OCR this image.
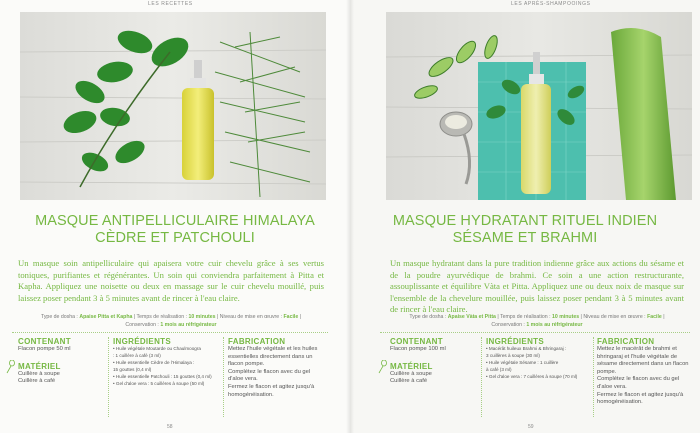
LES RECETTES
MASQUE ANTIPELLICULAIRE HIMALAYA
CÈDRE ET PATCHOULI
Un masque soin antipelliculaire qui apaisera votre cuir chevelu grâce à ses vertus toniques, purifiantes et régénérantes. Un soin qui conviendra parfaitement à Pitta et Kapha. Appliquez une noisette ou deux en massage sur le cuir chevelu mouillé, puis laissez poser pendant 3 à 5 minutes avant de rincer à l'eau claire.
Type de dosha : Apaise Pitta et Kapha | Temps de réalisation : 10 minutes | Niveau de mise en œuvre : Facile |
Conservation : 1 mois au réfrigérateur
CONTENANT

Flacon pompe 50 ml

MATÉRIEL

Cuillère à soupe

Cuillère à café

INGRÉDIENTS
• Huile végétale Moutarde ou Chaulmoogra
: 1 cuillère à café (3 ml)
• Huile essentielle Cèdre de l'Himalaya :
15 gouttes (0,4 ml)
• Huile essentielle Patchouli : 15 gouttes (0,4 ml)
• Gel d'aloe vera : 5 cuillères à soupe (50 ml)
FABRICATION

Mettez l'huile végétale et les huiles essentielles directement dans un flacon pompe.

Complétez le flacon avec du gel d'aloe vera.

Fermez le flacon et agitez jusqu'à homogénéisation.

58
LES APRÈS-SHAMPOOINGS
MASQUE HYDRATANT RITUEL INDIEN
SÉSAME ET BRAHMI
Un masque hydratant dans la pure tradition indienne grâce aux actions du sésame et de la poudre ayurvédique de brahmi. Ce soin a une action restructurante, assouplissante et équilibre Vàta et Pitta. Appliquez une ou deux noix de masque sur l'ensemble de la chevelure mouillée, puis laissez poser pendant 3 à 5 minutes avant de rincer à l'eau claire.
Type de dosha : Apaise Vàta et Pitta | Temps de réalisation : 10 minutes | Niveau de mise en œuvre : Facile |
Conservation : 1 mois au réfrigérateur
CONTENANT

Flacon pompe 100 ml

MATÉRIEL

Cuillère à soupe

Cuillère à café

INGRÉDIENTS
• Macérât huileux Brahmi & Bhringaraj :
3 cuillères à soupe (30 ml)
• Huile végétale Sésame : 1 cuillère
à café (3 ml)
• Gel d'aloe vera : 7 cuillères à soupe (70 ml)
FABRICATION

Mettez le macérât de brahmi et bhringaraj et l'huile végétale de sésame directement dans un flacon pompe.

Complétez le flacon avec du gel d'aloe vera.

Fermez le flacon et agitez jusqu'à homogénéisation.

59
